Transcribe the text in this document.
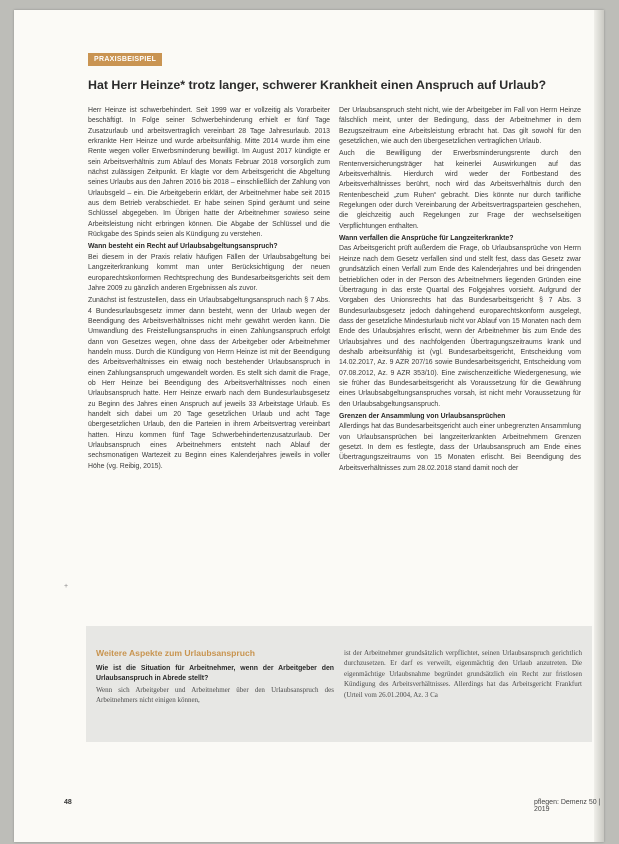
PRAXISBEISPIEL
Hat Herr Heinze* trotz langer, schwerer Krankheit einen Anspruch auf Urlaub?

Herr Heinze ist schwerbehindert. Seit 1999 war er vollzeitig als Vorarbeiter beschäftigt. In Folge seiner Schwerbehinderung erhielt er fünf Tage Zusatzurlaub und arbeitsvertraglich vereinbart 28 Tage Jahresurlaub. 2013 erkrankte Herr Heinze und wurde arbeitsunfähig. Mitte 2014 wurde ihm eine Rente wegen voller Erwerbsminderung bewilligt. Im August 2017 kündigte er sein Arbeitsverhältnis zum Ablauf des Monats Februar 2018 vorsorglich zum nächst zulässigen Zeitpunkt. Er klagte vor dem Arbeitsgericht die Abgeltung seines Urlaubs aus den Jahren 2016 bis 2018 – einschließlich der Zahlung von Urlaubsgeld – ein. Die Arbeitgeberin erklärt, der Arbeitnehmer habe seit 2015 aus dem Betrieb verabschiedet. Er habe seinen Spind geräumt und seine Schlüssel abgegeben. Im Übrigen hatte der Arbeitnehmer sowieso seine Arbeitsleistung nicht erbringen können. Die Abgabe der Schlüssel und die Rückgabe des Spinds seien als Kündigung zu verstehen.

Wann besteht ein Recht auf Urlaubsabgeltungsanspruch?

Bei diesem in der Praxis relativ häufigen Fällen der Urlaubsabgeltung bei Langzeiterkrankung kommt man unter Berücksichtigung der neuen europarechtskonformen Rechtsprechung des Bundesarbeitsgerichts seit dem Jahre 2009 zu gänzlich anderen Ergebnissen als zuvor.

Zunächst ist festzustellen, dass ein Urlaubsabgeltungsanspruch nach § 7 Abs. 4 Bundesurlaubsgesetz immer dann besteht, wenn der Urlaub wegen der Beendigung des Arbeitsverhältnisses nicht mehr gewährt werden kann. Die Umwandlung des Freistellungsanspruchs in einen Zahlungsanspruch erfolgt dann von Gesetzes wegen, ohne dass der Arbeitgeber oder Arbeitnehmer handeln muss. Durch die Kündigung von Herrn Heinze ist mit der Beendigung des Arbeitsverhältnisses ein etwaig noch bestehender Urlaubsanspruch in einen Zahlungsanspruch umgewandelt worden. Es stellt sich damit die Frage, ob Herr Heinze bei Beendigung des Arbeitsverhältnisses noch einen Urlaubsanspruch hatte. Herr Heinze erwarb nach dem Bundesurlaubsgesetz zu Beginn des Jahres einen Anspruch auf jeweils 33 Arbeitstage Urlaub. Es handelt sich dabei um 20 Tage gesetzlichen Urlaub und acht Tage übergesetzlichen Urlaub, den die Parteien in ihrem Arbeitsvertrag vereinbart hatten. Hinzu kommen fünf Tage Schwerbehindertenzusatzurlaub. Der Urlaubsanspruch eines Arbeitnehmers entsteht nach Ablauf der sechsmonatigen Wartezeit zu Beginn eines Kalenderjahres jeweils in voller Höhe (vg. Reibig, 2015).

Der Urlaubsanspruch steht nicht, wie der Arbeitgeber im Fall von Herrn Heinze fälschlich meint, unter der Bedingung, dass der Arbeitnehmer in dem Bezugszeitraum eine Arbeitsleistung erbracht hat. Das gilt sowohl für den gesetzlichen, wie auch den übergesetzlichen vertraglichen Urlaub.

Auch die Bewilligung der Erwerbsminderungsrente durch den Rentenversicherungsträger hat keinerlei Auswirkungen auf das Arbeitsverhältnis. Hierdurch wird weder der Fortbestand des Arbeitsverhältnisses berührt, noch wird das Arbeitsverhältnis durch den Rentenbescheid „zum Ruhen“ gebracht. Dies könnte nur durch tarifliche Regelungen oder durch Vereinbarung der Arbeitsvertragsparteien geschehen, die gleichzeitig auch Regelungen zur Frage der wechselseitigen Verpflichtungen enthalten.

Wann verfallen die Ansprüche für Langzeiterkrankte?

Das Arbeitsgericht prüft außerdem die Frage, ob Urlaubsansprüche von Herrn Heinze nach dem Gesetz verfallen sind und stellt fest, dass das Gesetz zwar grundsätzlich einen Verfall zum Ende des Kalenderjahres und bei dringenden betrieblichen oder in der Person des Arbeitnehmers liegenden Gründen eine Übertragung in das erste Quartal des Folgejahres vorsieht. Aufgrund der Vorgaben des Unionsrechts hat das Bundesarbeitsgericht § 7 Abs. 3 Bundesurlaubsgesetz jedoch dahingehend europarechtskonform ausgelegt, dass der gesetzliche Mindesturlaub nicht vor Ablauf von 15 Monaten nach dem Ende des Urlaubsjahres erlischt, wenn der Arbeitnehmer bis zum Ende des Urlaubsjahres und des nachfolgenden Übertragungszeitraums krank und deshalb arbeitsunfähig ist (vgl. Bundesarbeitsgericht, Entscheidung vom 14.02.2017, Az. 9 AZR 207/16 sowie Bundesarbeitsgericht, Entscheidung vom 07.08.2012, Az. 9 AZR 353/10). Eine zwischenzeitliche Wiedergenesung, wie sie früher das Bundesarbeitsgericht als Voraussetzung für die Gewährung eines Urlaubsabgeltungsanspruches vorsah, ist nicht mehr Voraussetzung für den Urlaubsabgeltungsanspruch.

Grenzen der Ansammlung von Urlaubsansprüchen

Allerdings hat das Bundesarbeitsgericht auch einer unbegrenzten Ansammlung von Urlaubsansprüchen bei langzeiterkrankten Arbeitnehmern Grenzen gesetzt. In dem es festlegte, dass der Urlaubsanspruch am Ende eines Übertragungszeitraums von 15 Monaten erlischt. Bei Beendigung des Arbeitsverhältnisses zum 28.02.2018 stand damit noch der

Weitere Aspekte zum Urlaubsanspruch
Wie ist die Situation für Arbeitnehmer, wenn der Arbeitgeber den Urlaubsanspruch in Abrede stellt?
Wenn sich Arbeitgeber und Arbeitnehmer über den Urlaubsanspruch des Arbeitnehmers nicht einigen können,
ist der Arbeitnehmer grundsätzlich verpflichtet, seinen Urlaubsanspruch gerichtlich durchzusetzen. Er darf es verweilt, eigenmächtig den Urlaub anzutreten. Die eigenmächtige Urlaubsnahme begründet grundsätzlich ein Recht zur fristlosen Kündigung des Arbeitsverhältnisses. Allerdings hat das Arbeitsgericht Frankfurt (Urteil vom 26.01.2004, Az. 3 Ca
+
48	pflegen: Demenz 50 | 2019
